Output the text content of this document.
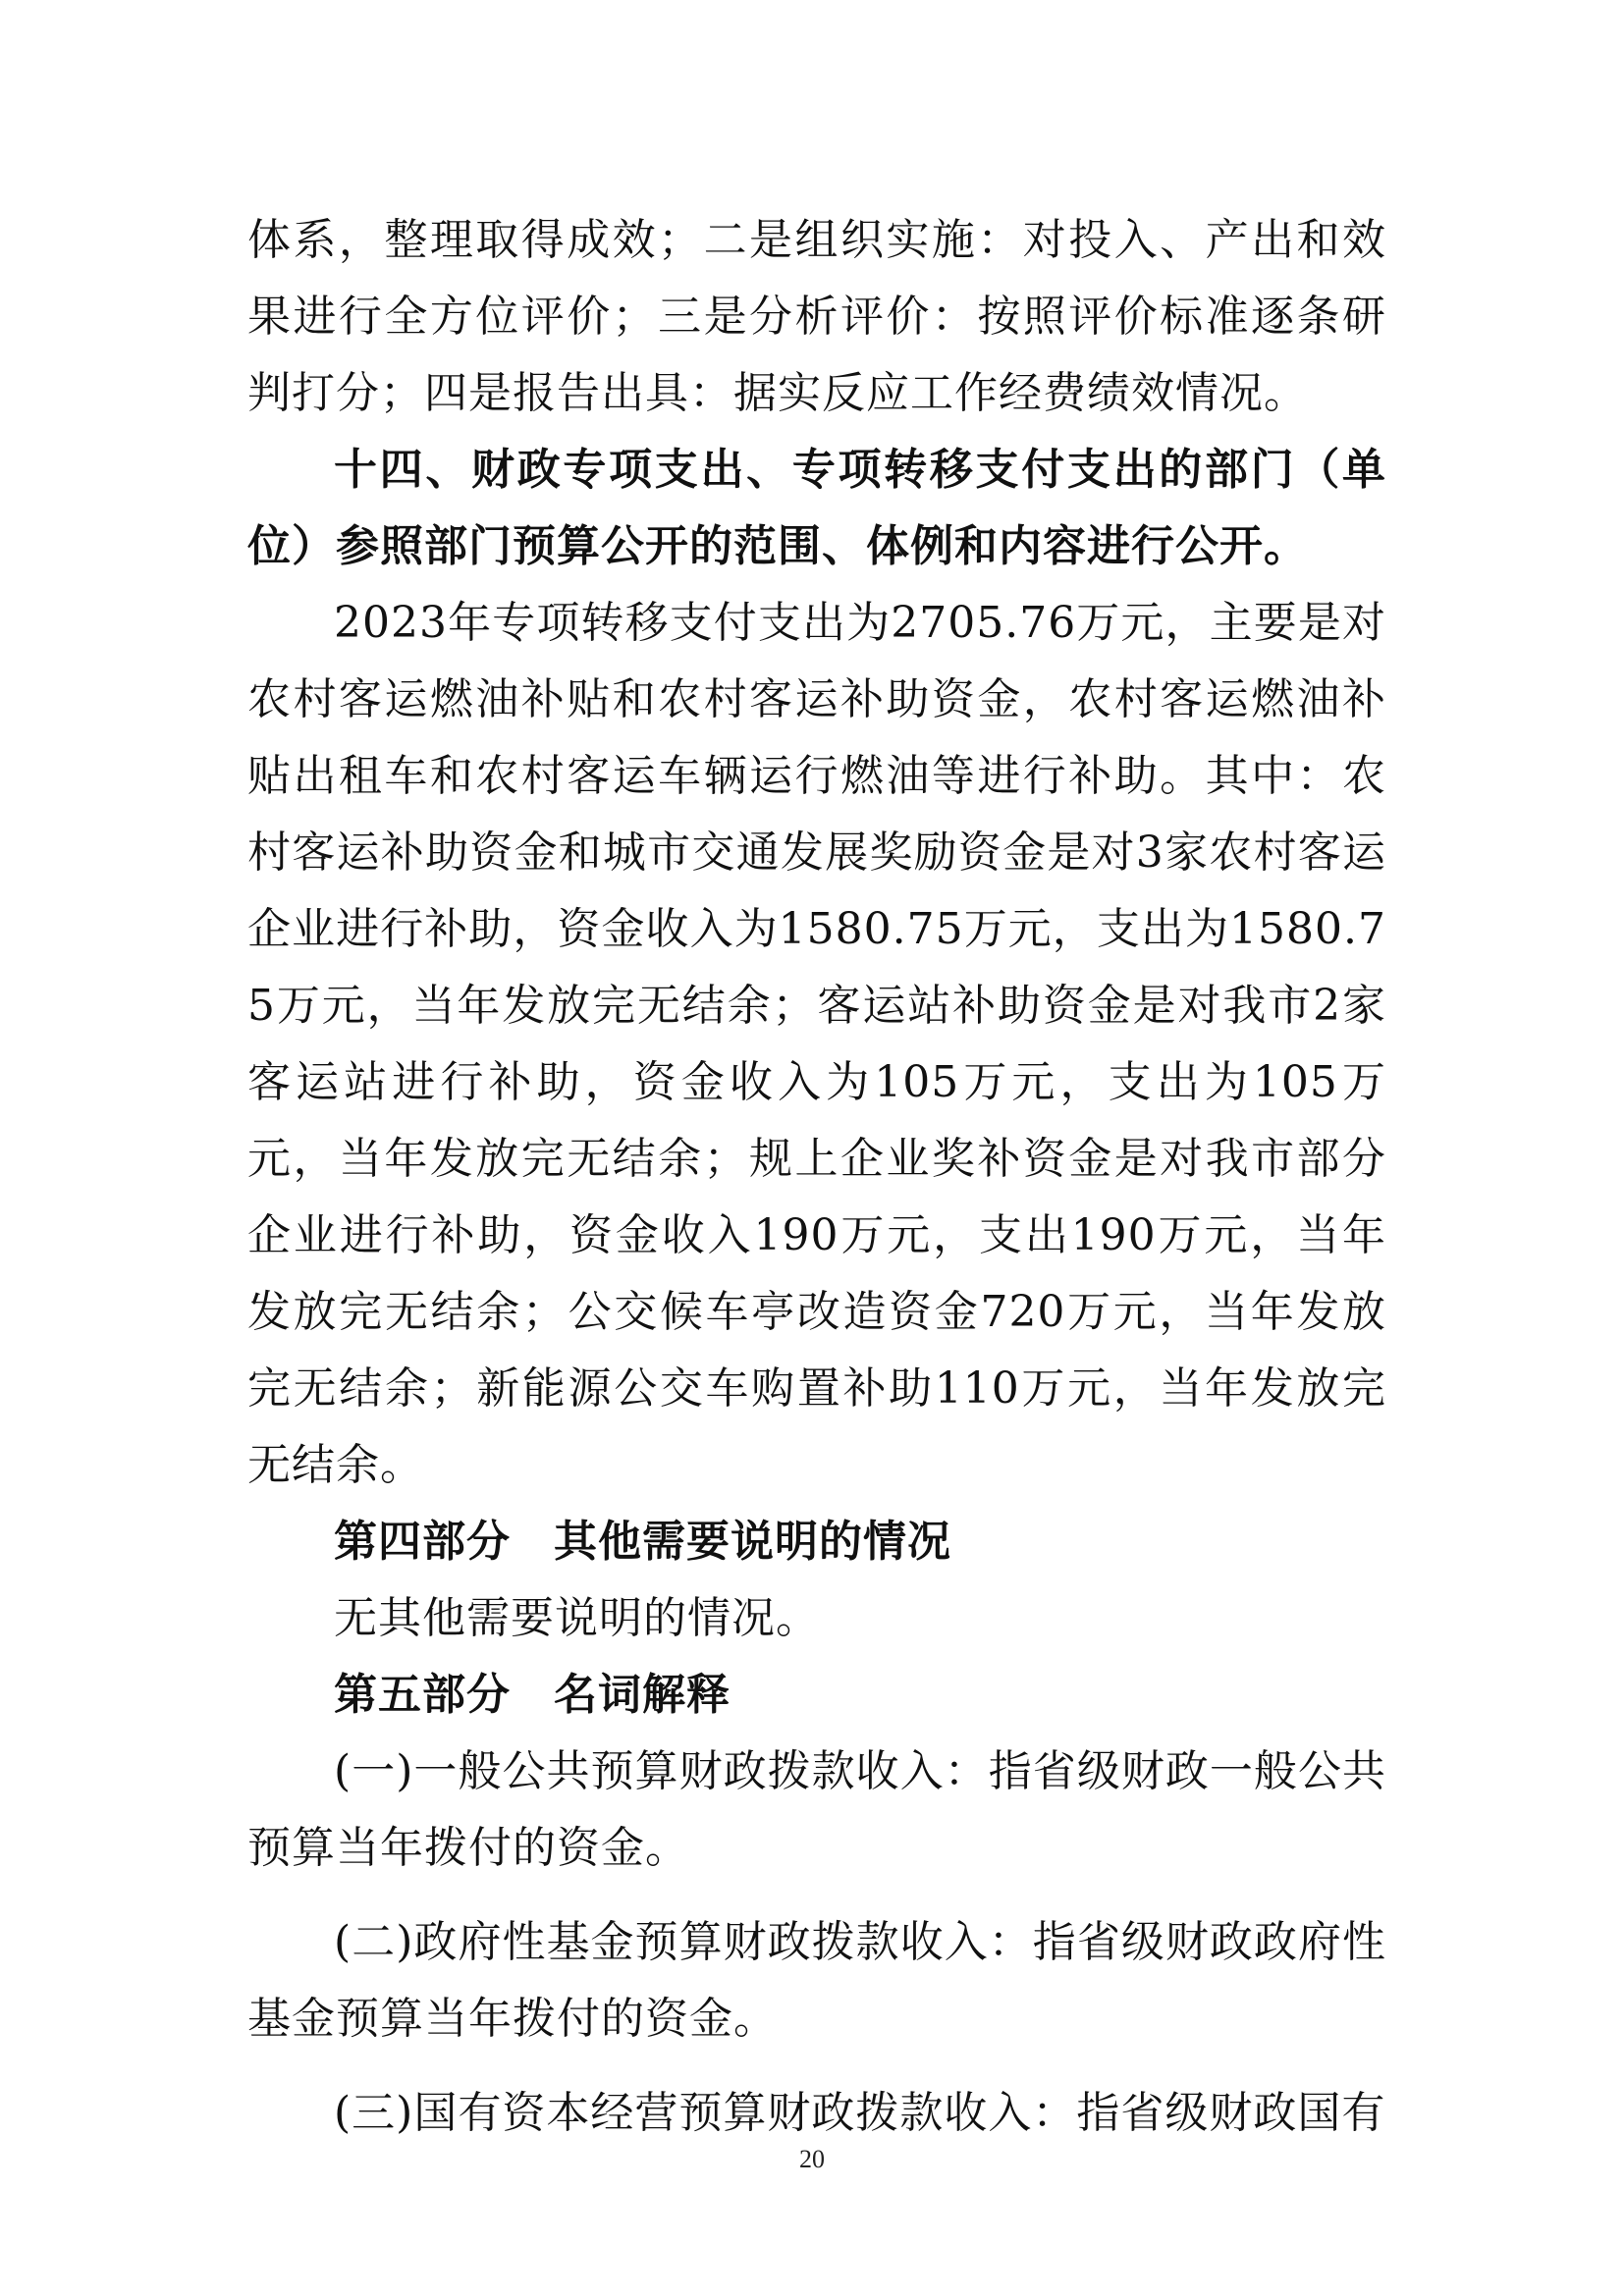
体系，整理取得成效；二是组织实施：对投入、产出和效果进行全方位评价；三是分析评价：按照评价标准逐条研判打分；四是报告出具：据实反应工作经费绩效情况。

十四、财政专项支出、专项转移支付支出的部门（单位）参照部门预算公开的范围、体例和内容进行公开。

2023年专项转移支付支出为2705.76万元，主要是对农村客运燃油补贴和农村客运补助资金，农村客运燃油补贴出租车和农村客运车辆运行燃油等进行补助。其中：农村客运补助资金和城市交通发展奖励资金是对3家农村客运企业进行补助，资金收入为1580.75万元，支出为1580.75万元，当年发放完无结余；客运站补助资金是对我市2家客运站进行补助，资金收入为105万元，支出为105万元，当年发放完无结余；规上企业奖补资金是对我市部分企业进行补助，资金收入190万元，支出190万元，当年发放完无结余；公交候车亭改造资金720万元，当年发放完无结余；新能源公交车购置补助110万元，当年发放完无结余。

第四部分 其他需要说明的情况

无其他需要说明的情况。

第五部分 名词解释

(一)一般公共预算财政拨款收入：指省级财政一般公共预算当年拨付的资金。

(二)政府性基金预算财政拨款收入：指省级财政政府性基金预算当年拨付的资金。

(三)国有资本经营预算财政拨款收入：指省级财政国有

20
